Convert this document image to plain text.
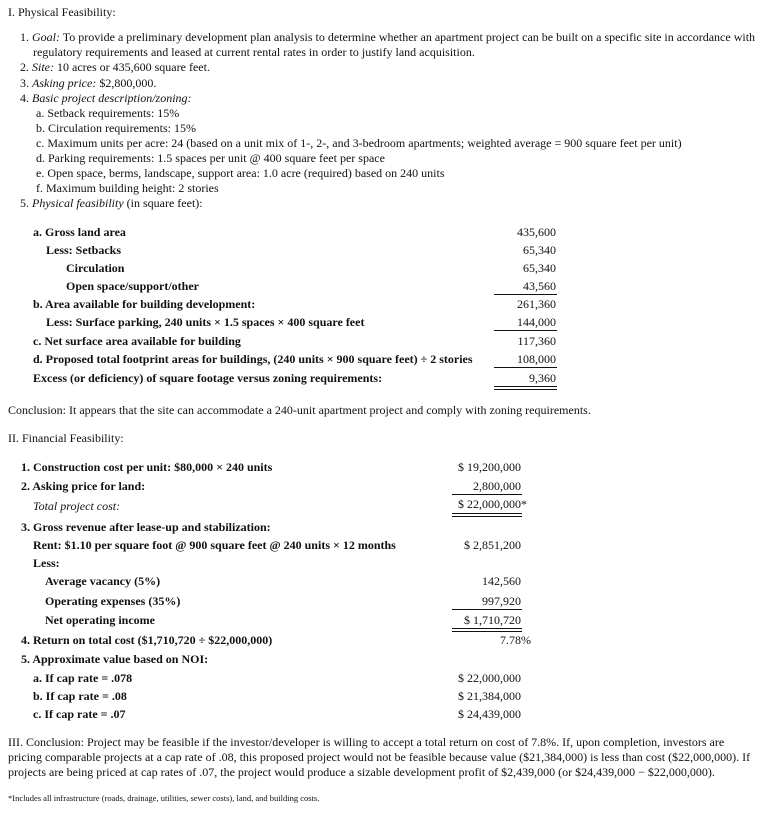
I. Physical Feasibility:
1. Goal: To provide a preliminary development plan analysis to determine whether an apartment project can be built on a specific site in accordance with
regulatory requirements and leased at current rental rates in order to justify land acquisition.
2. Site: 10 acres or 435,600 square feet.
3. Asking price: $2,800,000.
4. Basic project description/zoning:
a. Setback requirements: 15%
b. Circulation requirements: 15%
c. Maximum units per acre: 24 (based on a unit mix of 1-, 2-, and 3-bedroom apartments; weighted average = 900 square feet per unit)
d. Parking requirements: 1.5 spaces per unit @ 400 square feet per space
e. Open space, berms, landscape, support area: 1.0 acre (required) based on 240 units
f. Maximum building height: 2 stories
5. Physical feasibility (in square feet):
a. Gross land area	435,600
Less: Setbacks	65,340
Circulation	65,340
Open space/support/other	43,560
b. Area available for building development:	261,360
Less: Surface parking, 240 units × 1.5 spaces × 400 square feet	144,000
c. Net surface area available for building	117,360
d. Proposed total footprint areas for buildings, (240 units × 900 square feet) ÷ 2 stories	108,000
Excess (or deficiency) of square footage versus zoning requirements:	9,360
Conclusion: It appears that the site can accommodate a 240-unit apartment project and comply with zoning requirements.
II. Financial Feasibility:
1. Construction cost per unit: $80,000 × 240 units	$ 19,200,000
2. Asking price for land:	2,800,000
Total project cost:	$ 22,000,000*
3. Gross revenue after lease-up and stabilization:
Rent: $1.10 per square foot @ 900 square feet @ 240 units × 12 months	$ 2,851,200
Less:
Average vacancy (5%)	142,560
Operating expenses (35%)	997,920
Net operating income	$ 1,710,720
4. Return on total cost ($1,710,720 ÷ $22,000,000)	7.78%
5. Approximate value based on NOI:
a. If cap rate = .078	$ 22,000,000
b. If cap rate = .08	$ 21,384,000
c. If cap rate = .07	$ 24,439,000
III. Conclusion: Project may be feasible if the investor/developer is willing to accept a total return on cost of 7.8%. If, upon completion, investors are
pricing comparable projects at a cap rate of .08, this proposed project would not be feasible because value ($21,384,000) is less than cost ($22,000,000). If
projects are being priced at cap rates of .07, the project would produce a sizable development profit of $2,439,000 (or $24,439,000 − $22,000,000).
*Includes all infrastructure (roads, drainage, utilities, sewer costs), land, and building costs.
